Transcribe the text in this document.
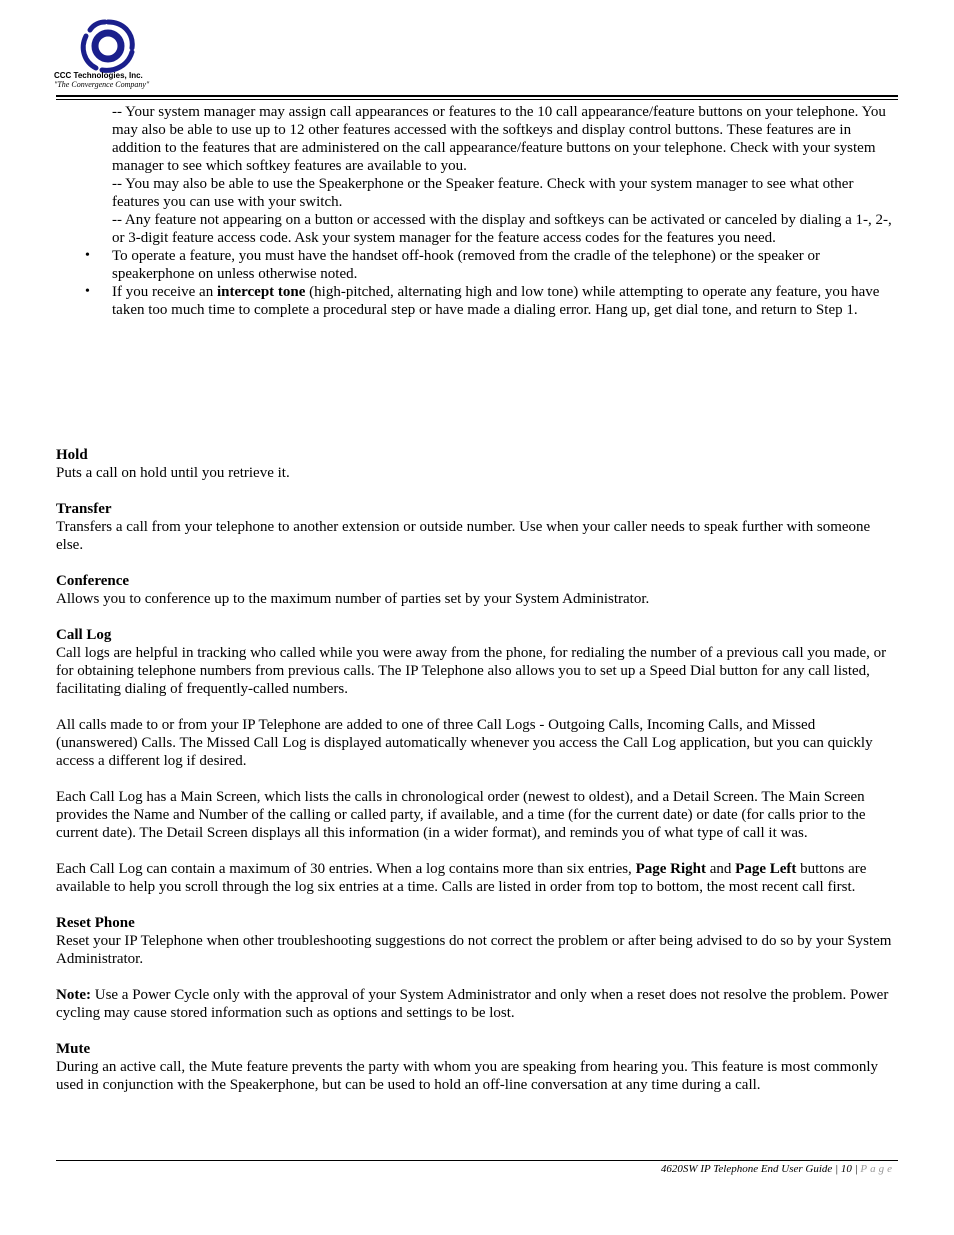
CCC Technologies, Inc.
"The Convergence Company"

-- Your system manager may assign call appearances or features to the 10 call appearance/feature buttons on your telephone. You may also be able to use up to 12 other features accessed with the softkeys and display control buttons. These features are in addition to the features that are administered on the call appearance/feature buttons on your telephone. Check with your system manager to see which softkey features are available to you.

-- You may also be able to use the Speakerphone or the Speaker feature. Check with your system manager to see what other features you can use with your switch.

-- Any feature not appearing on a button or accessed with the display and softkeys can be activated or canceled by dialing a 1-, 2-, or 3-digit feature access code. Ask your system manager for the feature access codes for the features you need.

• To operate a feature, you must have the handset off-hook (removed from the cradle of the telephone) or the speaker or speakerphone on unless otherwise noted.
• If you receive an intercept tone (high-pitched, alternating high and low tone) while attempting to operate any feature, you have taken too much time to complete a procedural step or have made a dialing error. Hang up, get dial tone, and return to Step 1.

Hold

Puts a call on hold until you retrieve it.

Transfer

Transfers a call from your telephone to another extension or outside number. Use when your caller needs to speak further with someone else.

Conference

Allows you to conference up to the maximum number of parties set by your System Administrator.

Call Log

Call logs are helpful in tracking who called while you were away from the phone, for redialing the number of a previous call you made, or for obtaining telephone numbers from previous calls. The IP Telephone also allows you to set up a Speed Dial button for any call listed, facilitating dialing of frequently-called numbers.

All calls made to or from your IP Telephone are added to one of three Call Logs - Outgoing Calls, Incoming Calls, and Missed (unanswered) Calls. The Missed Call Log is displayed automatically whenever you access the Call Log application, but you can quickly access a different log if desired.

Each Call Log has a Main Screen, which lists the calls in chronological order (newest to oldest), and a Detail Screen. The Main Screen provides the Name and Number of the calling or called party, if available, and a time (for the current date) or date (for calls prior to the current date). The Detail Screen displays all this information (in a wider format), and reminds you of what type of call it was.

Each Call Log can contain a maximum of 30 entries. When a log contains more than six entries, Page Right and Page Left buttons are available to help you scroll through the log six entries at a time. Calls are listed in order from top to bottom, the most recent call first.

Reset Phone

Reset your IP Telephone when other troubleshooting suggestions do not correct the problem or after being advised to do so by your System Administrator.

Note: Use a Power Cycle only with the approval of your System Administrator and only when a reset does not resolve the problem. Power cycling may cause stored information such as options and settings to be lost.

Mute

During an active call, the Mute feature prevents the party with whom you are speaking from hearing you. This feature is most commonly used in conjunction with the Speakerphone, but can be used to hold an off-line conversation at any time during a call.

4620SW IP Telephone End User Guide | 10 | Page
